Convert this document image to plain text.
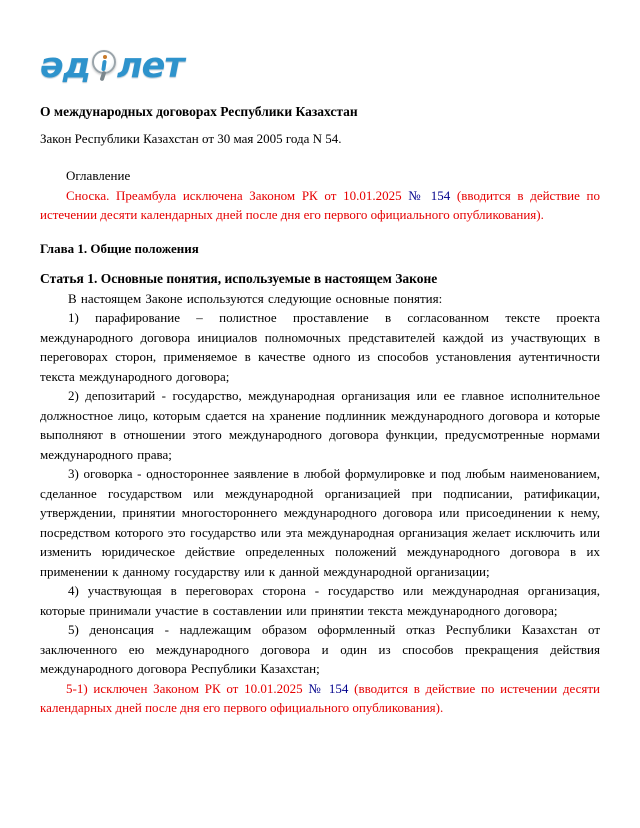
әд лет
О международных договорах Республики Казахстан

Закон Республики Казахстан от 30 мая 2005 года N 54.

Оглавление

Сноска. Преамбула исключена Законом РК от 10.01.2025 № 154 (вводится в действие по истечении десяти календарных дней после дня его первого официального опубликования).

Глава 1. Общие положения
Статья 1. Основные понятия, используемые в настоящем Законе

В настоящем Законе используются следующие основные понятия:

1) парафирование – полистное проставление в согласованном тексте проекта международного договора инициалов полномочных представителей каждой из участвующих в переговорах сторон, применяемое в качестве одного из способов установления аутентичности текста международного договора;

2) депозитарий - государство, международная организация или ее главное исполнительное должностное лицо, которым сдается на хранение подлинник международного договора и которые выполняют в отношении этого международного договора функции, предусмотренные нормами международного права;

3) оговорка - одностороннее заявление в любой формулировке и под любым наименованием, сделанное государством или международной организацией при подписании, ратификации, утверждении, принятии многостороннего международного договора или присоединении к нему, посредством которого это государство или эта международная организация желает исключить или изменить юридическое действие определенных положений международного договора в их применении к данному государству или к данной международной организации;

4) участвующая в переговорах сторона - государство или международная организация, которые принимали участие в составлении или принятии текста международного договора;

5) денонсация - надлежащим образом оформленный отказ Республики Казахстан от заключенного ею международного договора и один из способов прекращения действия международного договора Республики Казахстан;

5-1) исключен Законом РК от 10.01.2025 № 154 (вводится в действие по истечении десяти календарных дней после дня его первого официального опубликования).
